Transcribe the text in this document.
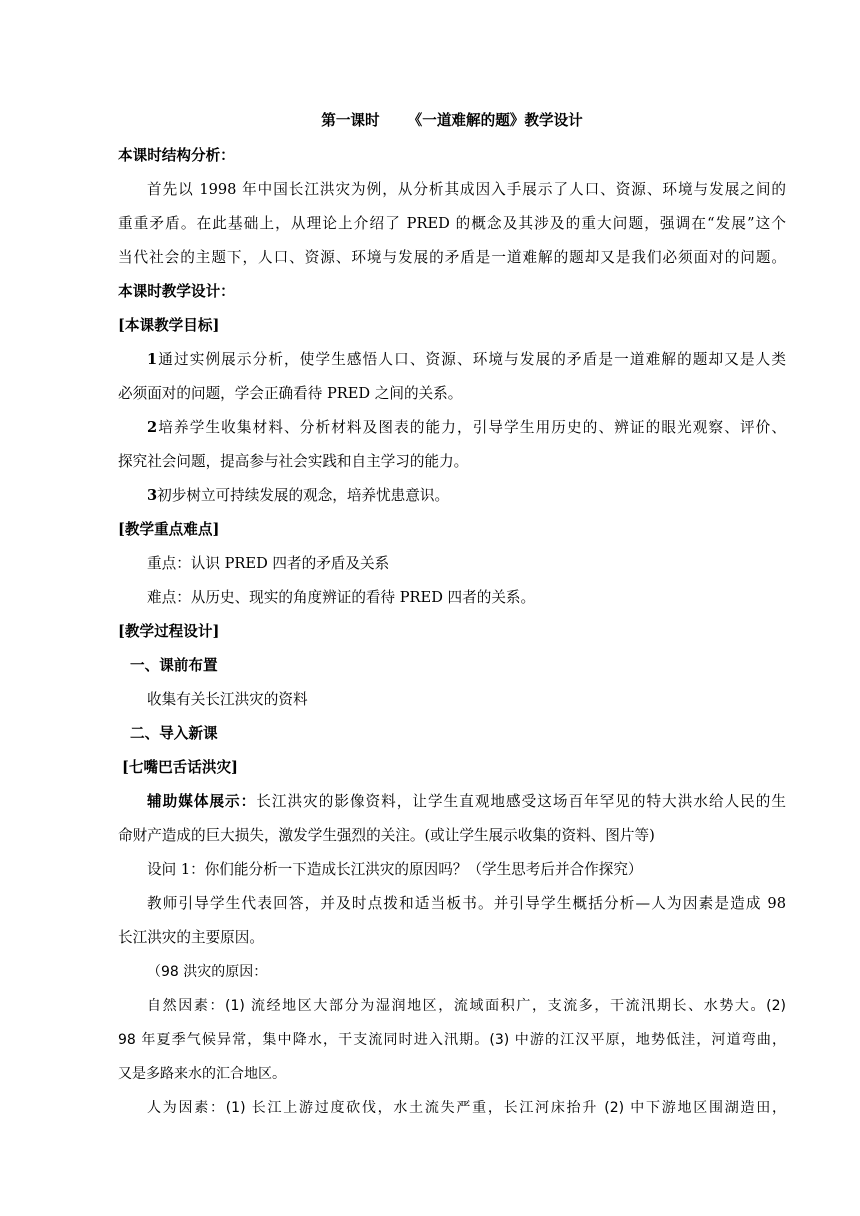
第一课时 《一道难解的题》教学设计
本课时结构分析：
首先以 1998 年中国长江洪灾为例，从分析其成因入手展示了人口、资源、环境与发展之间的
重重矛盾。在此基础上，从理论上介绍了 PRED 的概念及其涉及的重大问题，强调在“发展”这个
当代社会的主题下，人口、资源、环境与发展的矛盾是一道难解的题却又是我们必须面对的问题。
本课时教学设计：
[本课教学目标]
1通过实例展示分析，使学生感悟人口、资源、环境与发展的矛盾是一道难解的题却又是人类
必须面对的问题，学会正确看待 PRED 之间的关系。
2培养学生收集材料、分析材料及图表的能力，引导学生用历史的、辨证的眼光观察、评价、
探究社会问题，提高参与社会实践和自主学习的能力。
3初步树立可持续发展的观念，培养忧患意识。
[教学重点难点]
重点：认识 PRED 四者的矛盾及关系
难点：从历史、现实的角度辨证的看待 PRED 四者的关系。
[教学过程设计]
一、课前布置
收集有关长江洪灾的资料
二、导入新课
[七嘴巴舌话洪灾]
辅助媒体展示：长江洪灾的影像资料，让学生直观地感受这场百年罕见的特大洪水给人民的生
命财产造成的巨大损失，激发学生强烈的关注。(或让学生展示收集的资料、图片等)
设问 1：你们能分析一下造成长江洪灾的原因吗？（学生思考后并合作探究）
教师引导学生代表回答，并及时点拨和适当板书。并引导学生概括分析—人为因素是造成 98
长江洪灾的主要原因。
（98 洪灾的原因：
自然因素：(1) 流经地区大部分为湿润地区，流域面积广，支流多，干流汛期长、水势大。(2)
98 年夏季气候异常，集中降水，干支流同时进入汛期。(3) 中游的江汉平原，地势低洼，河道弯曲，
又是多路来水的汇合地区。
人为因素：(1) 长江上游过度砍伐，水土流失严重，长江河床抬升 (2) 中下游地区围湖造田，
